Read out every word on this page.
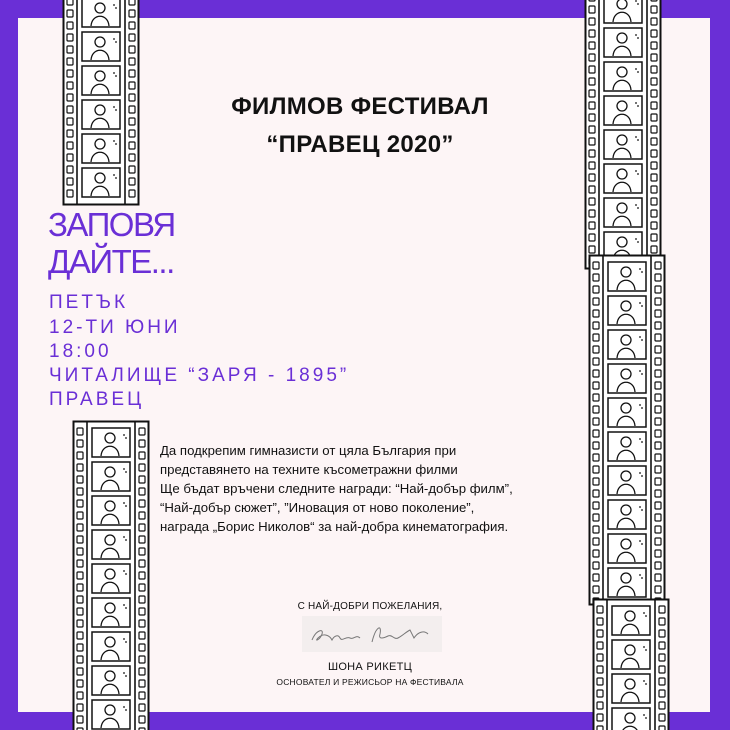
ФИЛМОВ ФЕСТИВАЛ
“ПРАВЕЦ 2020”
ЗАПОВЯ
ДАЙТЕ...
ПЕТЪК
12-ТИ ЮНИ
18:00
ЧИТАЛИЩЕ “ЗАРЯ - 1895”
ПРАВЕЦ
Да подкрепим гимназисти от цяла България при
представянето на техните късометражни филми
Ще бъдат връчени следните награди: “Най-добър филм”,
“Най-добър сюжет”, ”Иновация от ново поколение”,
награда „Борис Николов“ за най-добра кинематография.
С НАЙ-ДОБРИ ПОЖЕЛАНИЯ,
ШОНА РИКЕТЦ
ОСНОВАТЕЛ И РЕЖИСЬОР НА ФЕСТИВАЛА
